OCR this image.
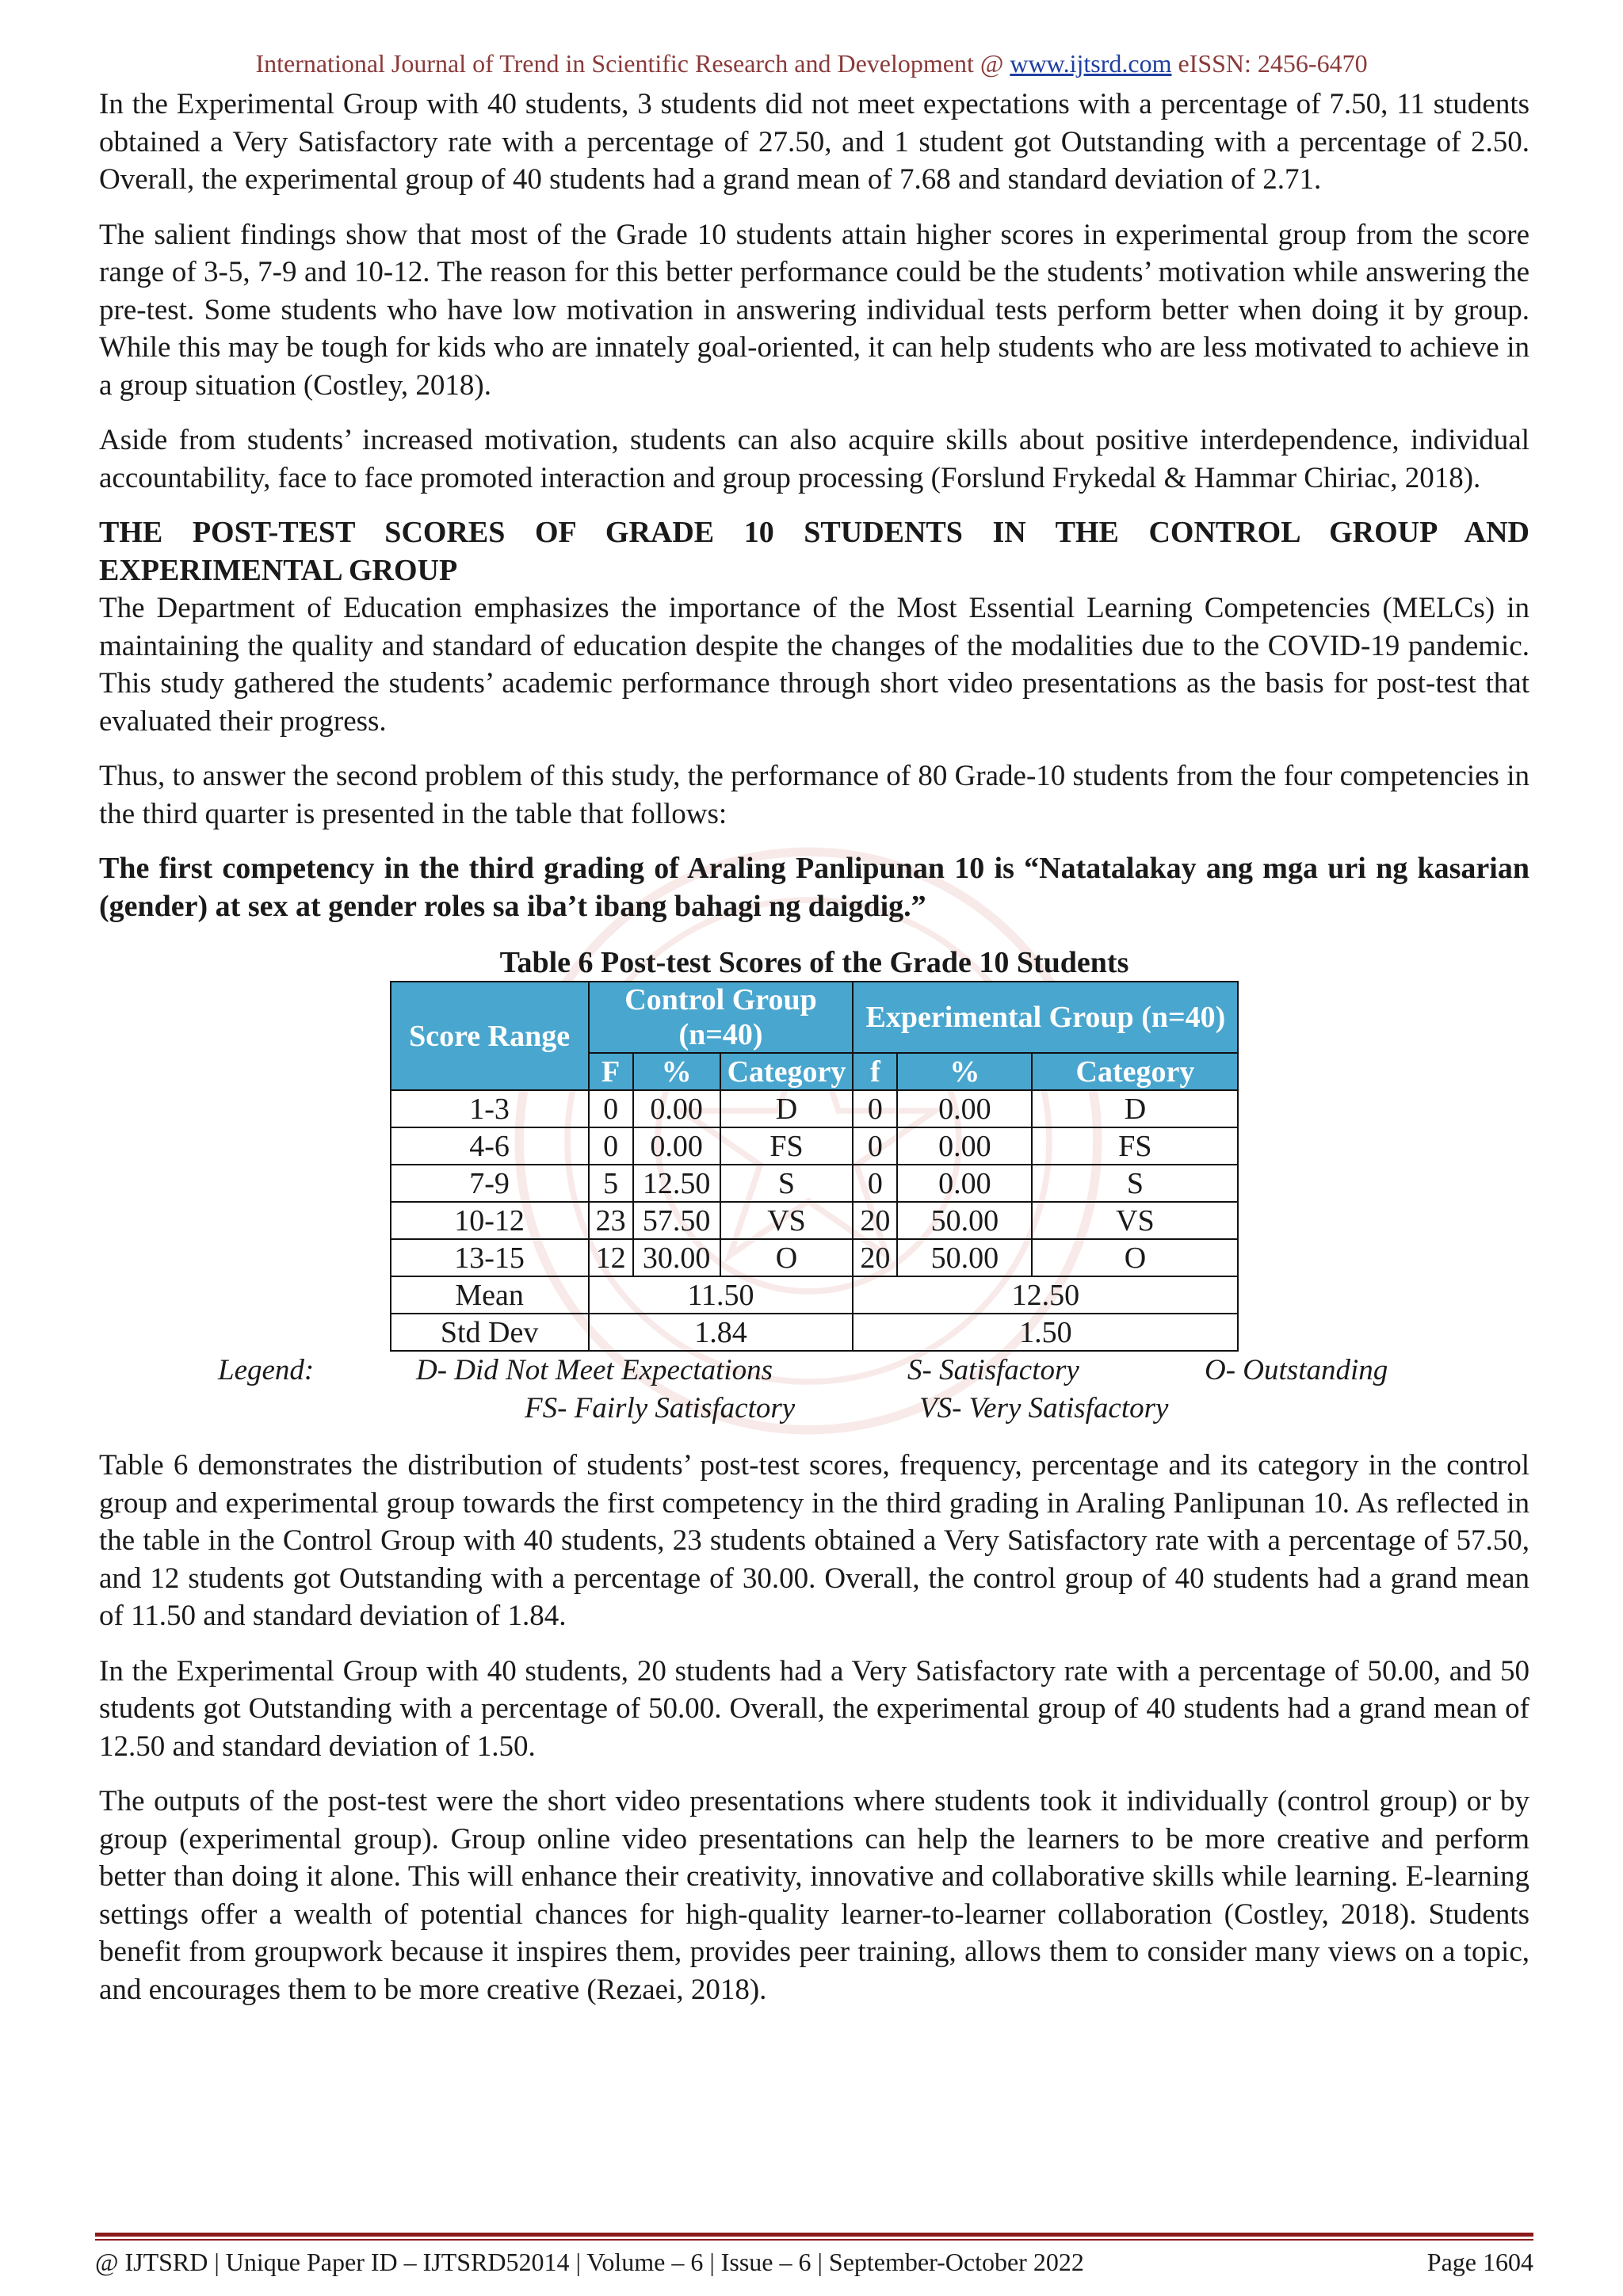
International Journal of Trend in Scientific Research and Development @ www.ijtsrd.com eISSN: 2456-6470

In the Experimental Group with 40 students, 3 students did not meet expectations with a percentage of 7.50, 11 students obtained a Very Satisfactory rate with a percentage of 27.50, and 1 student got Outstanding with a percentage of 2.50. Overall, the experimental group of 40 students had a grand mean of 7.68 and standard deviation of 2.71.

The salient findings show that most of the Grade 10 students attain higher scores in experimental group from the score range of 3-5, 7-9 and 10-12. The reason for this better performance could be the students’ motivation while answering the pre-test. Some students who have low motivation in answering individual tests perform better when doing it by group. While this may be tough for kids who are innately goal-oriented, it can help students who are less motivated to achieve in a group situation (Costley, 2018).

Aside from students’ increased motivation, students can also acquire skills about positive interdependence, individual accountability, face to face promoted interaction and group processing (Forslund Frykedal & Hammar Chiriac, 2018).

THE POST-TEST SCORES OF GRADE 10 STUDENTS IN THE CONTROL GROUP AND EXPERIMENTAL GROUP

The Department of Education emphasizes the importance of the Most Essential Learning Competencies (MELCs) in maintaining the quality and standard of education despite the changes of the modalities due to the COVID-19 pandemic. This study gathered the students’ academic performance through short video presentations as the basis for post-test that evaluated their progress.

Thus, to answer the second problem of this study, the performance of 80 Grade-10 students from the four competencies in the third quarter is presented in the table that follows:

The first competency in the third grading of Araling Panlipunan 10 is “Natatalakay ang mga uri ng kasarian (gender) at sex at gender roles sa iba’t ibang bahagi ng daigdig.”

Table 6 Post-test Scores of the Grade 10 Students

Score Range	Control Group (n=40)			Experimental Group (n=40)		
	F	%	Category	f	%	Category
1-3	0	0.00	D	0	0.00	D
4-6	0	0.00	FS	0	0.00	FS
7-9	5	12.50	S	0	0.00	S
10-12	23	57.50	VS	20	50.00	VS
13-15	12	30.00	O	20	50.00	O
Mean	11.50			12.50		
Std Dev	1.84			1.50		
Legend:	D- Did Not Meet Expectations	S- Satisfactory	O- Outstanding
FS- Fairly Satisfactory	VS- Very Satisfactory

Table 6 demonstrates the distribution of students’ post-test scores, frequency, percentage and its category in the control group and experimental group towards the first competency in the third grading in Araling Panlipunan 10. As reflected in the table in the Control Group with 40 students, 23 students obtained a Very Satisfactory rate with a percentage of 57.50, and 12 students got Outstanding with a percentage of 30.00. Overall, the control group of 40 students had a grand mean of 11.50 and standard deviation of 1.84.

In the Experimental Group with 40 students, 20 students had a Very Satisfactory rate with a percentage of 50.00, and 50 students got Outstanding with a percentage of 50.00. Overall, the experimental group of 40 students had a grand mean of 12.50 and standard deviation of 1.50.

The outputs of the post-test were the short video presentations where students took it individually (control group) or by group (experimental group). Group online video presentations can help the learners to be more creative and perform better than doing it alone. This will enhance their creativity, innovative and collaborative skills while learning. E-learning settings offer a wealth of potential chances for high-quality learner-to-learner collaboration (Costley, 2018). Students benefit from groupwork because it inspires them, provides peer training, allows them to consider many views on a topic, and encourages them to be more creative (Rezaei, 2018).

@ IJTSRD | Unique Paper ID – IJTSRD52014 | Volume – 6 | Issue – 6 | September-October 2022	Page 1604
